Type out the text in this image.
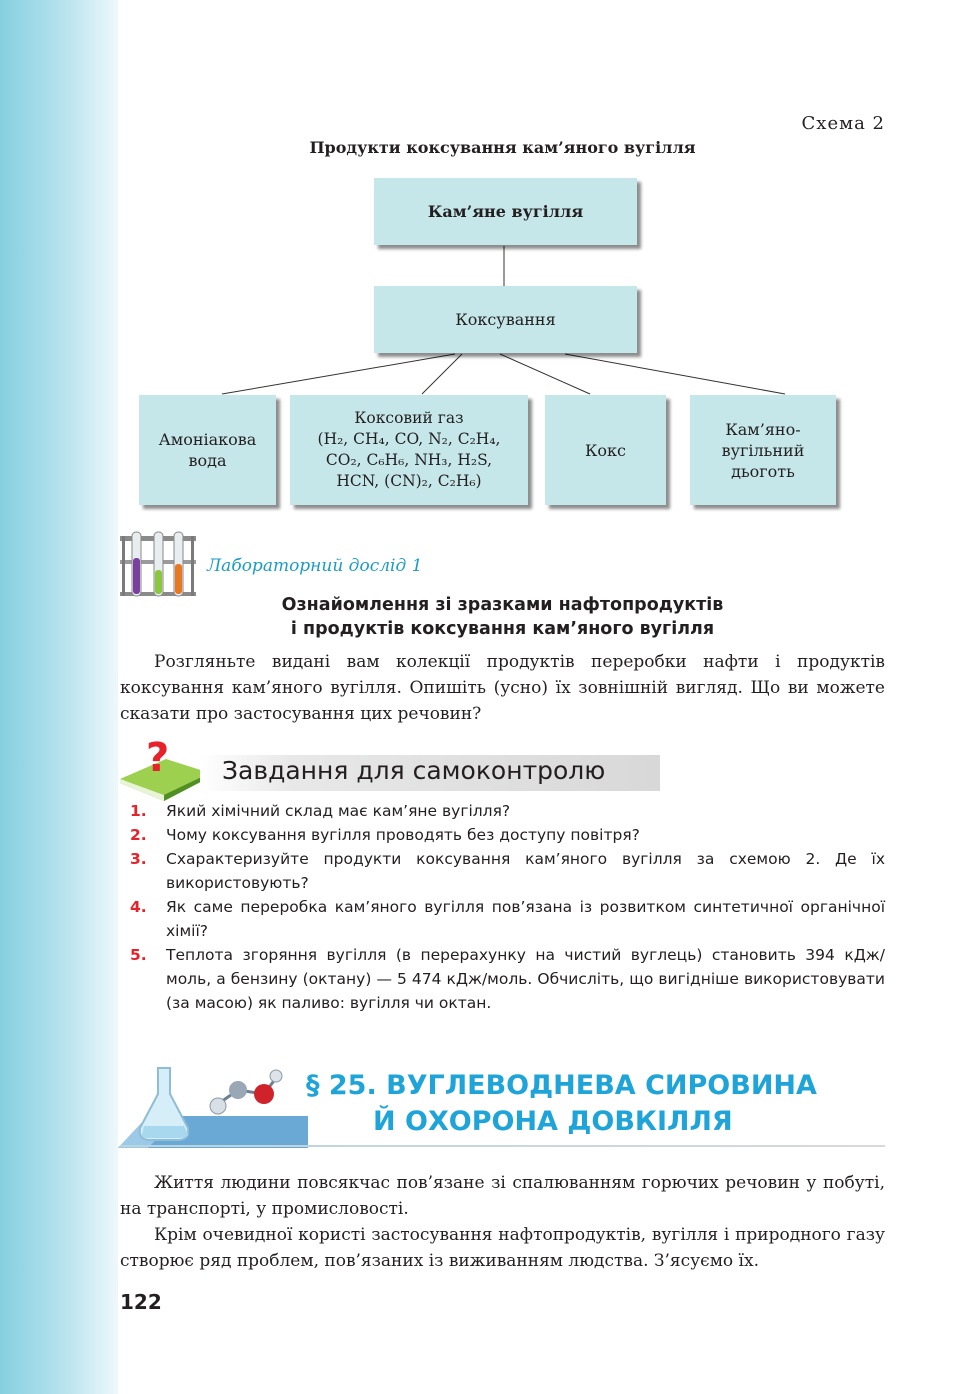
Схема 2
Продукти коксування кам’яного вугілля
Кам’яне вугілля
Коксування
Амоніакова
вода
Коксовий газ
(H₂, CH₄, CO, N₂, C₂H₄,
CO₂, C₆H₆, NH₃, H₂S,
HCN, (CN)₂, C₂H₆)
Кокс
Кам’яно-
вугільний
дьоготь
Лабораторний дослід 1
Ознайомлення зі зразками нафтопродуктів
і продуктів коксування кам’яного вугілля
Розгляньте видані вам колекції продуктів переробки нафти і продуктів коксування кам’яного вугілля. Опишіть (усно) їх зовнішній вигляд. Що ви можете сказати про застосування цих речовин?
? Завдання для самоконтролю
1. Який хімічний склад має кам’яне вугілля?
2. Чому коксування вугілля проводять без доступу повітря?
3. Схарактеризуйте продукти коксування кам’яного вугілля за схемою 2. Де їх використовують?
4. Як саме переробка кам’яного вугілля пов’язана із розвитком синтетичної органічної хімії?
5. Теплота згоряння вугілля (в перерахунку на чистий вуглець) становить 394 кДж/моль, а бензину (октану) — 5 474 кДж/моль. Обчисліть, що вигідніше використовувати (за масою) як паливо: вугілля чи октан.
§ 25. ВУГЛЕВОДНЕВА СИРОВИНА
Й ОХОРОНА ДОВКІЛЛЯ
Життя людини повсякчас пов’язане зі спалюванням горючих речовин у побуті, на транспорті, у промисловості.
Крім очевидної користі застосування нафтопродуктів, вугілля і природного газу створює ряд проблем, пов’язаних із виживанням людства. З’ясуємо їх.
122
